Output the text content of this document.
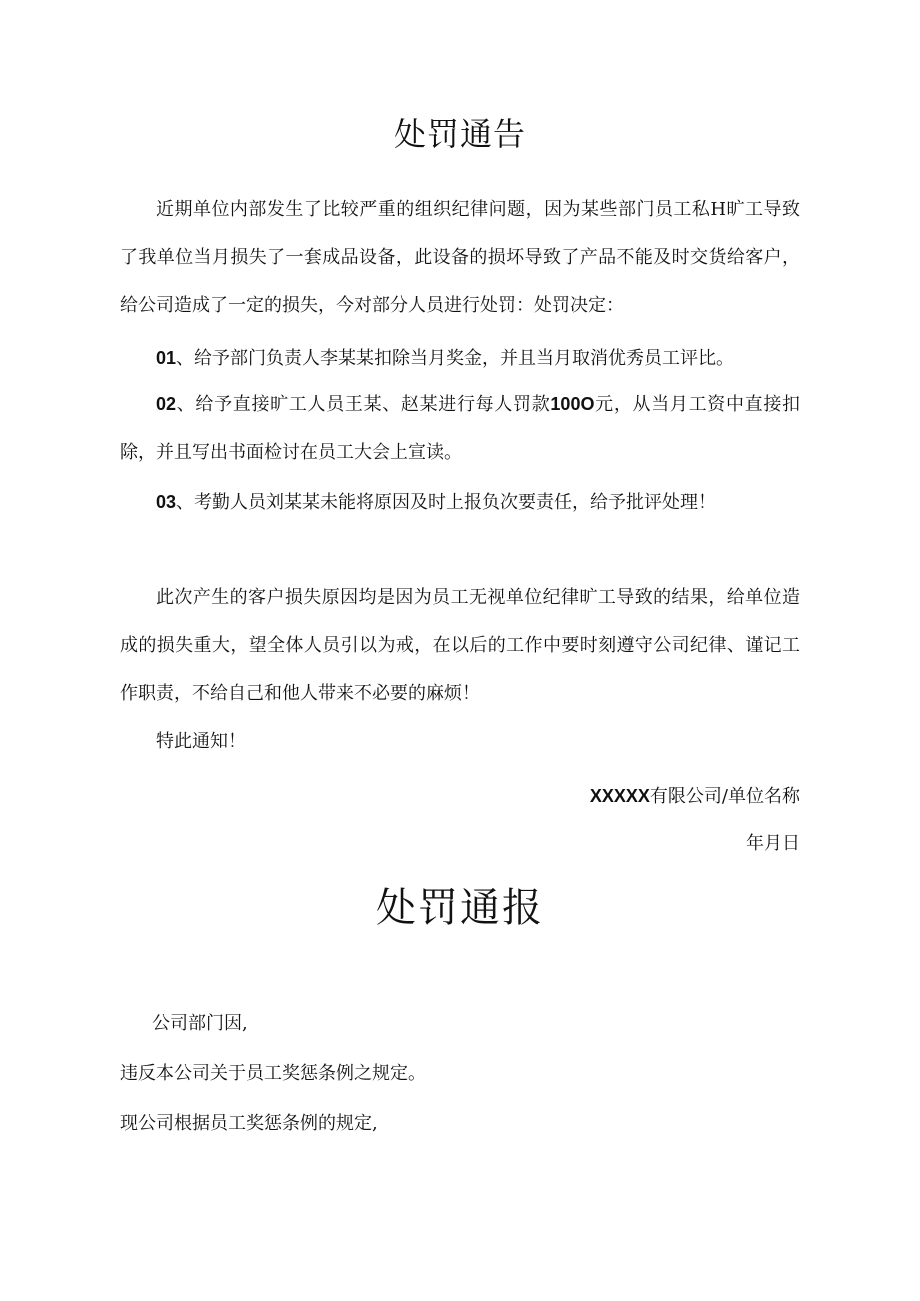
处罚通告

近期单位内部发生了比较严重的组织纪律问题，因为某些部门员工私H旷工导致了我单位当月损失了一套成品设备，此设备的损坏导致了产品不能及时交货给客户，给公司造成了一定的损失，今对部分人员进行处罚：处罚决定：

01、给予部门负责人李某某扣除当月奖金，并且当月取消优秀员工评比。

02、给予直接旷工人员王某、赵某进行每人罚款100O元，从当月工资中直接扣除，并且写出书面检讨在员工大会上宣读。

03、考勤人员刘某某未能将原因及时上报负次要责任，给予批评处理！

此次产生的客户损失原因均是因为员工无视单位纪律旷工导致的结果，给单位造成的损失重大，望全体人员引以为戒，在以后的工作中要时刻遵守公司纪律、谨记工作职责，不给自己和他人带来不必要的麻烦！

特此通知！

XXXXX有限公司/单位名称
年月日
处罚通报

公司部门因,

违反本公司关于员工奖惩条例之规定。

现公司根据员工奖惩条例的规定,
